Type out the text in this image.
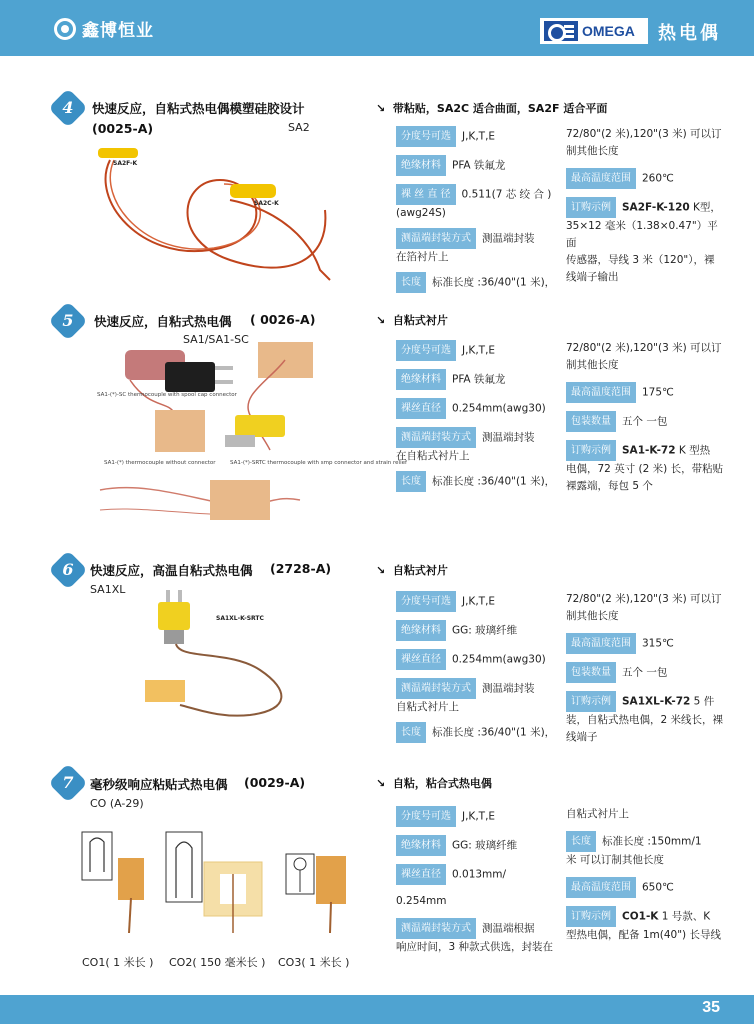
鑫博恒业	OMEGA 热电偶
4	快速反应，自粘式热电偶模塑硅胶设计
(0025-A)	SA2
SA2F-K
SA2C-K
↘  带粘贴，SA2C 适合曲面，SA2F 适合平面
分度号可选 J,K,T,E
绝缘材料 PFA 铁氟龙
裸 丝 直 径 0.511(7 芯 绞 合 )
(awg24S)
测温端封装方式 测温端封装
在箔衬片上
长度 标准长度 :36/40"(1 米)，
72/80"(2 米),120"(3 米) 可以订
制其他长度
最高温度范围 260℃
订购示例 SA2F-K-120 K型，
35×12 毫米（1.38×0.47"）平面
传感器，导线 3 米（120"），裸
线端子输出
5	快速反应，自粘式热电偶 ( 0026-A)
SA1/SA1-SC
SA1-(*)-SC thermocouple with spool cap connector
SA1-(*)-SRTC thermocouple with smp connector and strain relief
SA1-(*) thermocouple without connector
↘  自粘式衬片
分度号可选 J,K,T,E
绝缘材料 PFA 铁氟龙
裸丝直径 0.254mm(awg30)
测温端封装方式 测温端封装
在自粘式衬片上
长度 标准长度 :36/40"(1 米)，
72/80"(2 米),120"(3 米) 可以订
制其他长度
最高温度范围 175℃
包装数量 五个 一包
订购示例 SA1-K-72 K 型热
电偶，72 英寸 (2 米) 长，带粘贴
裸露端，每包 5 个
6	快速反应，高温自粘式热电偶 (2728-A)
SA1XL
SA1XL-K-SRTC
↘  自粘式衬片
分度号可选 J,K,T,E
绝缘材料 GG: 玻璃纤维
裸丝直径 0.254mm(awg30)
测温端封装方式 测温端封装
自粘式衬片上
长度 标准长度 :36/40"(1 米)，
72/80"(2 米),120"(3 米) 可以订
制其他长度
最高温度范围 315℃
包装数量 五个 一包
订购示例 SA1XL-K-72 5 件
装，自粘式热电偶，2 米线长，裸
线端子
7	毫秒级响应粘贴式热电偶 (0029-A)
CO (A-29)
CO1( 1 米长 ) CO2( 150 毫米长 ) CO3( 1 米长 )
↘  自粘，粘合式热电偶
分度号可选 J,K,T,E
绝缘材料 GG: 玻璃纤维
裸丝直径 0.013mm/
0.254mm
测温端封装方式 测温端根据
响应时间，3 种款式供选，封装在
自粘式衬片上
长度 标准长度 :150mm/1
米 可以订制其他长度
最高温度范围 650℃
订购示例 CO1-K 1 号款、K
型热电偶，配备 1m(40") 长导线
35
